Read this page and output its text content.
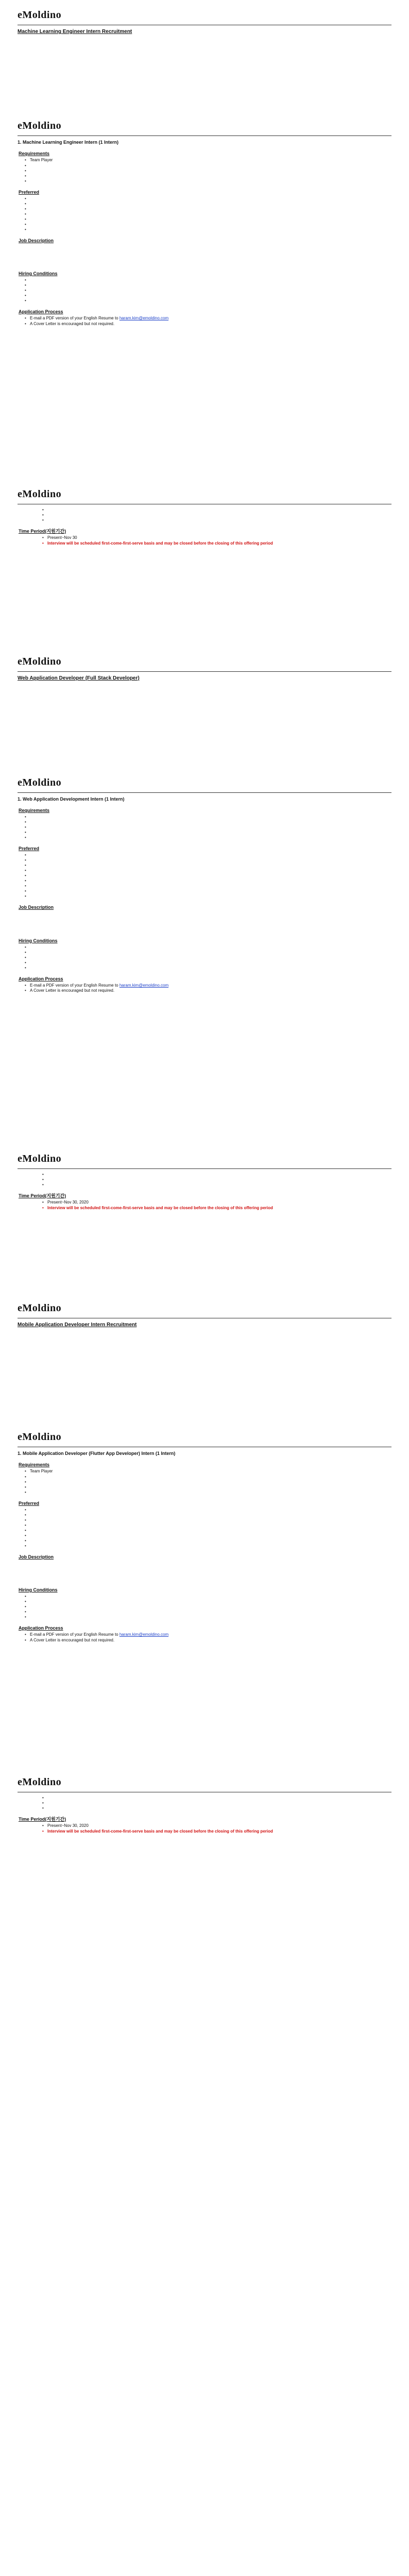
eMoldino
Machine Learning Engineer Intern Recruitment
eMoldino
1. Machine Learning Engineer Intern (1 Intern)
Requirements
• Team Player
•
•
•
•
Preferred
•
•
•
•
•
•
•
Job Description
Hiring Conditions
•
•
•
•
•
Application Process
• E-mail a PDF version of your English Resume to haram.kim@emoldino.com
• A Cover Letter is encouraged but not required.
eMoldino
•
•
•
Time Period(지원기간)
• Present~Nov 30
• Interview will be scheduled first-come-first-serve basis and may be closed before the closing of this offering period
eMoldino
Web Application Developer (Full Stack Developer)
eMoldino
1. Web Application Development Intern (1 Intern)
Requirements
•
•
•
•
•
Preferred
•
•
•
•
•
•
•
•
•
Job Description
Hiring Conditions
•
•
•
•
•
Application Process
• E-mail a PDF version of your English Resume to haram.kim@emoldino.com
• A Cover Letter is encouraged but not required.
eMoldino
•
•
•
Time Period(지원기간)
• Present~Nov 30, 2020
• Interview will be scheduled first-come-first-serve basis and may be closed before the closing of this offering period
eMoldino
Mobile Application Developer Intern Recruitment
eMoldino
1. Mobile Application Developer (Flutter App Developer) Intern (1 Intern)
Requirements
• Team Player
•
•
•
•
Preferred
•
•
•
•
•
•
•
•
Job Description
Hiring Conditions
•
•
•
•
•
Application Process
• E-mail a PDF version of your English Resume to haram.kim@emoldino.com
• A Cover Letter is encouraged but not required.
eMoldino
•
•
•
Time Period(지원기간)
• Present~Nov 30, 2020
• Interview will be scheduled first-come-first-serve basis and may be closed before the closing of this offering period
